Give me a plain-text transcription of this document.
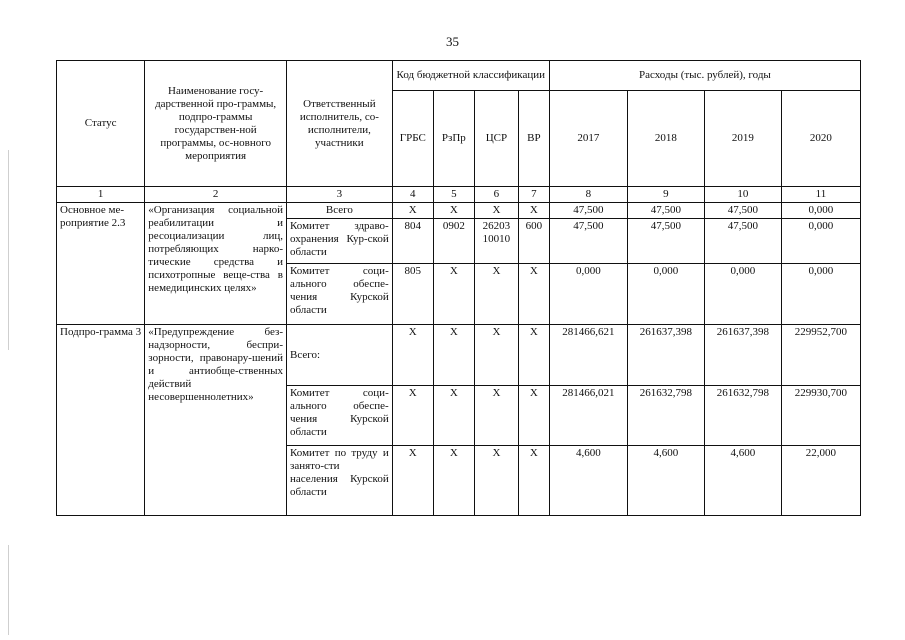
35
Статус	Наименование госу-дарственной про-граммы, подпро-граммы государствен-ной программы, ос-новного мероприятия	Ответственный исполнитель, со-исполнители, участники	Код бюджетной классификации				Расходы (тыс. рублей), годы			
			ГРБС	РзПр	ЦСР	ВР	2017	2018	2019	2020
1	2	3	4	5	6	7	8	9	10	11
Основное ме-роприятие 2.3	«Организация социальной реабилитации и ресоциализации лиц, потребляющих нарко-тические средства и психотропные веще-ства в немедицинских целях»	Всего	X	X	X	X	47,500	47,500	47,500	0,000
		Комитет здраво-охранения Кур-ской области	804	0902	26203 10010	600	47,500	47,500	47,500	0,000
		Комитет соци-ального обеспе-чения Курской области	805	X	X	X	0,000	0,000	0,000	0,000
Подпро-грамма 3	«Предупреждение без-надзорности, беспри-зорности, правонару-шений и антиобще-ственных действий несовершеннолетних»	Всего:	X	X	X	X	281466,621	261637,398	261637,398	229952,700
		Комитет соци-ального обеспе-чения Курской области	X	X	X	X	281466,021	261632,798	261632,798	229930,700
		Комитет по труду и занято-сти населения Курской области	X	X	X	X	4,600	4,600	4,600	22,000
